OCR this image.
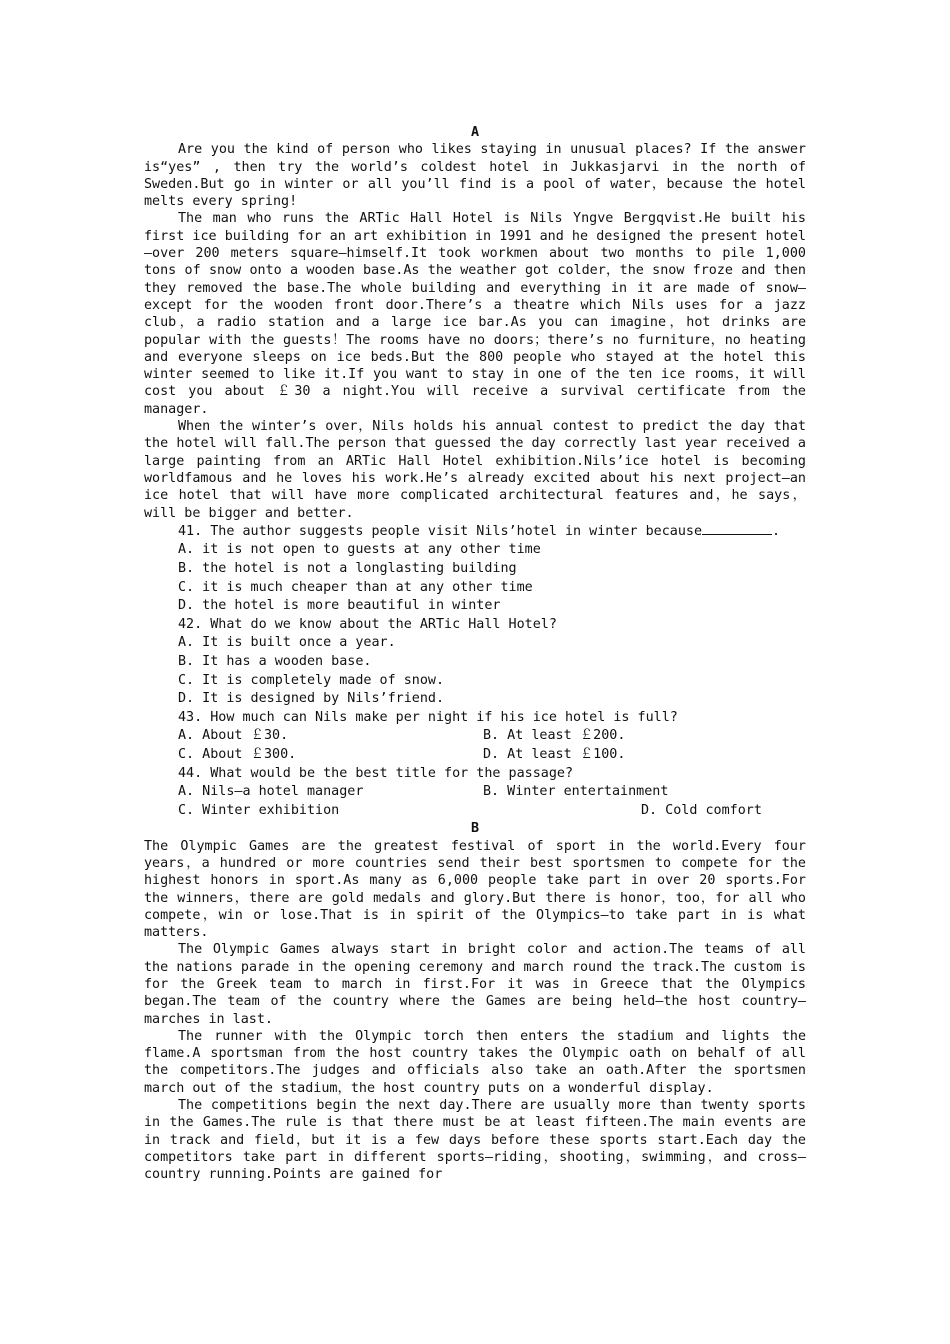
A

Are you the kind of person who likes staying in unusual places? If the answer is“yes” , then try the world’s coldest hotel in Jukkasjarvi in the north of Sweden.But go in winter or all you’ll find is a pool of water，because the hotel melts every spring!

The man who runs the ARTic Hall Hotel is Nils Yngve Bergqvist.He built his first ice building for an art exhibition in 1991 and he designed the present hotel—over 200 meters square—himself.It took workmen about two months to pile 1,000 tons of snow onto a wooden base.As the weather got colder，the snow froze and then they removed the base.The whole building and everything in it are made of snow—except for the wooden front door.There’s a theatre which Nils uses for a jazz club，a radio station and a large ice bar.As you can imagine，hot drinks are popular with the guests！The rooms have no doors；there’s no furniture，no heating and everyone sleeps on ice beds.But the 800 people who stayed at the hotel this winter seemed to like it.If you want to stay in one of the ten ice rooms，it will cost you about ￡30 a night.You will receive a survival certificate from the manager.

When the winter’s over，Nils holds his annual contest to predict the day that the hotel will fall.The person that guessed the day correctly last year received a large painting from an ARTic Hall Hotel exhibition.Nils’ice hotel is becoming worldfamous and he loves his work.He’s already excited about his next project—an ice hotel that will have more complicated architectural features and，he says，will be bigger and better.

41. The author suggests people visit Nils’hotel in winter because	.
A. it is not open to guests at any other time
B. the hotel is not a longlasting building
C. it is much cheaper than at any other time
D. the hotel is more beautiful in winter
42. What do we know about the ARTic Hall Hotel?
A. It is built once a year.
B. It has a wooden base.
C. It is completely made of snow.
D. It is designed by Nils’friend.
43. How much can Nils make per night if his ice hotel is full?
A. About ￡30.	B. At least ￡200.
C. About ￡300.	D. At least ￡100.
44. What would be the best title for the passage?
A. Nils—a hotel manager	B. Winter entertainment
C. Winter exhibition	D. Cold comfort
B

The Olympic Games are the greatest festival of sport in the world.Every four years，a hundred or more countries send their best sportsmen to compete for the highest honors in sport.As many as 6,000 people take part in over 20 sports.For the winners，there are gold medals and glory.But there is honor，too，for all who compete，win or lose.That is in spirit of the Olympics—to take part in is what matters.

The Olympic Games always start in bright color and action.The teams of all the nations parade in the opening ceremony and march round the track.The custom is for the Greek team to march in first.For it was in Greece that the Olympics began.The team of the country where the Games are being held—the host country—marches in last.

The runner with the Olympic torch then enters the stadium and lights the flame.A sportsman from the host country takes the Olympic oath on behalf of all the competitors.The judges and officials also take an oath.After the sportsmen march out of the stadium，the host country puts on a wonderful display.

The competitions begin the next day.There are usually more than twenty sports in the Games.The rule is that there must be at least fifteen.The main events are in track and field，but it is a few days before these sports start.Each day the competitors take part in different sports—riding，shooting，swimming，and cross—country running.Points are gained for
